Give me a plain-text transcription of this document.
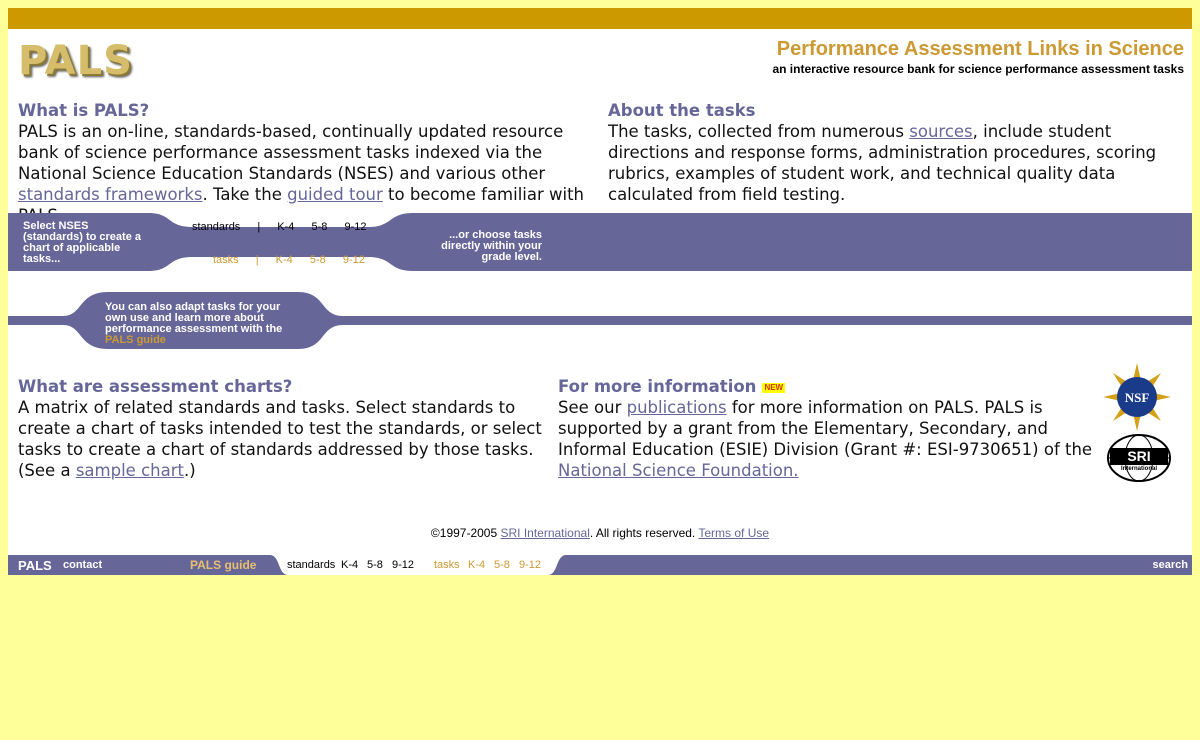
PALS	Performance Assessment Links in Science
an interactive resource bank for science performance assessment tasks
What is PALS?

PALS is an on-line, standards-based, continually updated resource bank of science performance assessment tasks indexed via the National Science Education Standards (NSES) and various other standards frameworks. Take the guided tour to become familiar with

About the tasks

The tasks, collected from numerous sources, include student directions and response forms, administration procedures, scoring rubrics, examples of student work, and technical quality data calculated from field testing.

Select NSES (standards) to create a chart of applicable tasks...
standards | K-4 5-8 9-12
tasks | K-4 5-8 9-12
...or choose tasks directly within your grade level.
You can also adapt tasks for your own use and learn more about performance assessment with the PALS guide
What are assessment charts?

A matrix of related standards and tasks. Select standards to create a chart of tasks intended to test the standards, or select tasks to create a chart of standards addressed by those tasks. (See a sample chart.)

For more information NEW

See our publications for more information on PALS. PALS is supported by a grant from the Elementary, Secondary, and Informal Education (ESIE) Division (Grant #: ESI-9730651) of the National Science Foundation.

NSF
SRI
International
©1997-2005 SRI International. All rights reserved. Terms of Use
PALS contact	PALS guide	standards K-4 5-8 9-12 tasks K-4 5-8 9-12	search
